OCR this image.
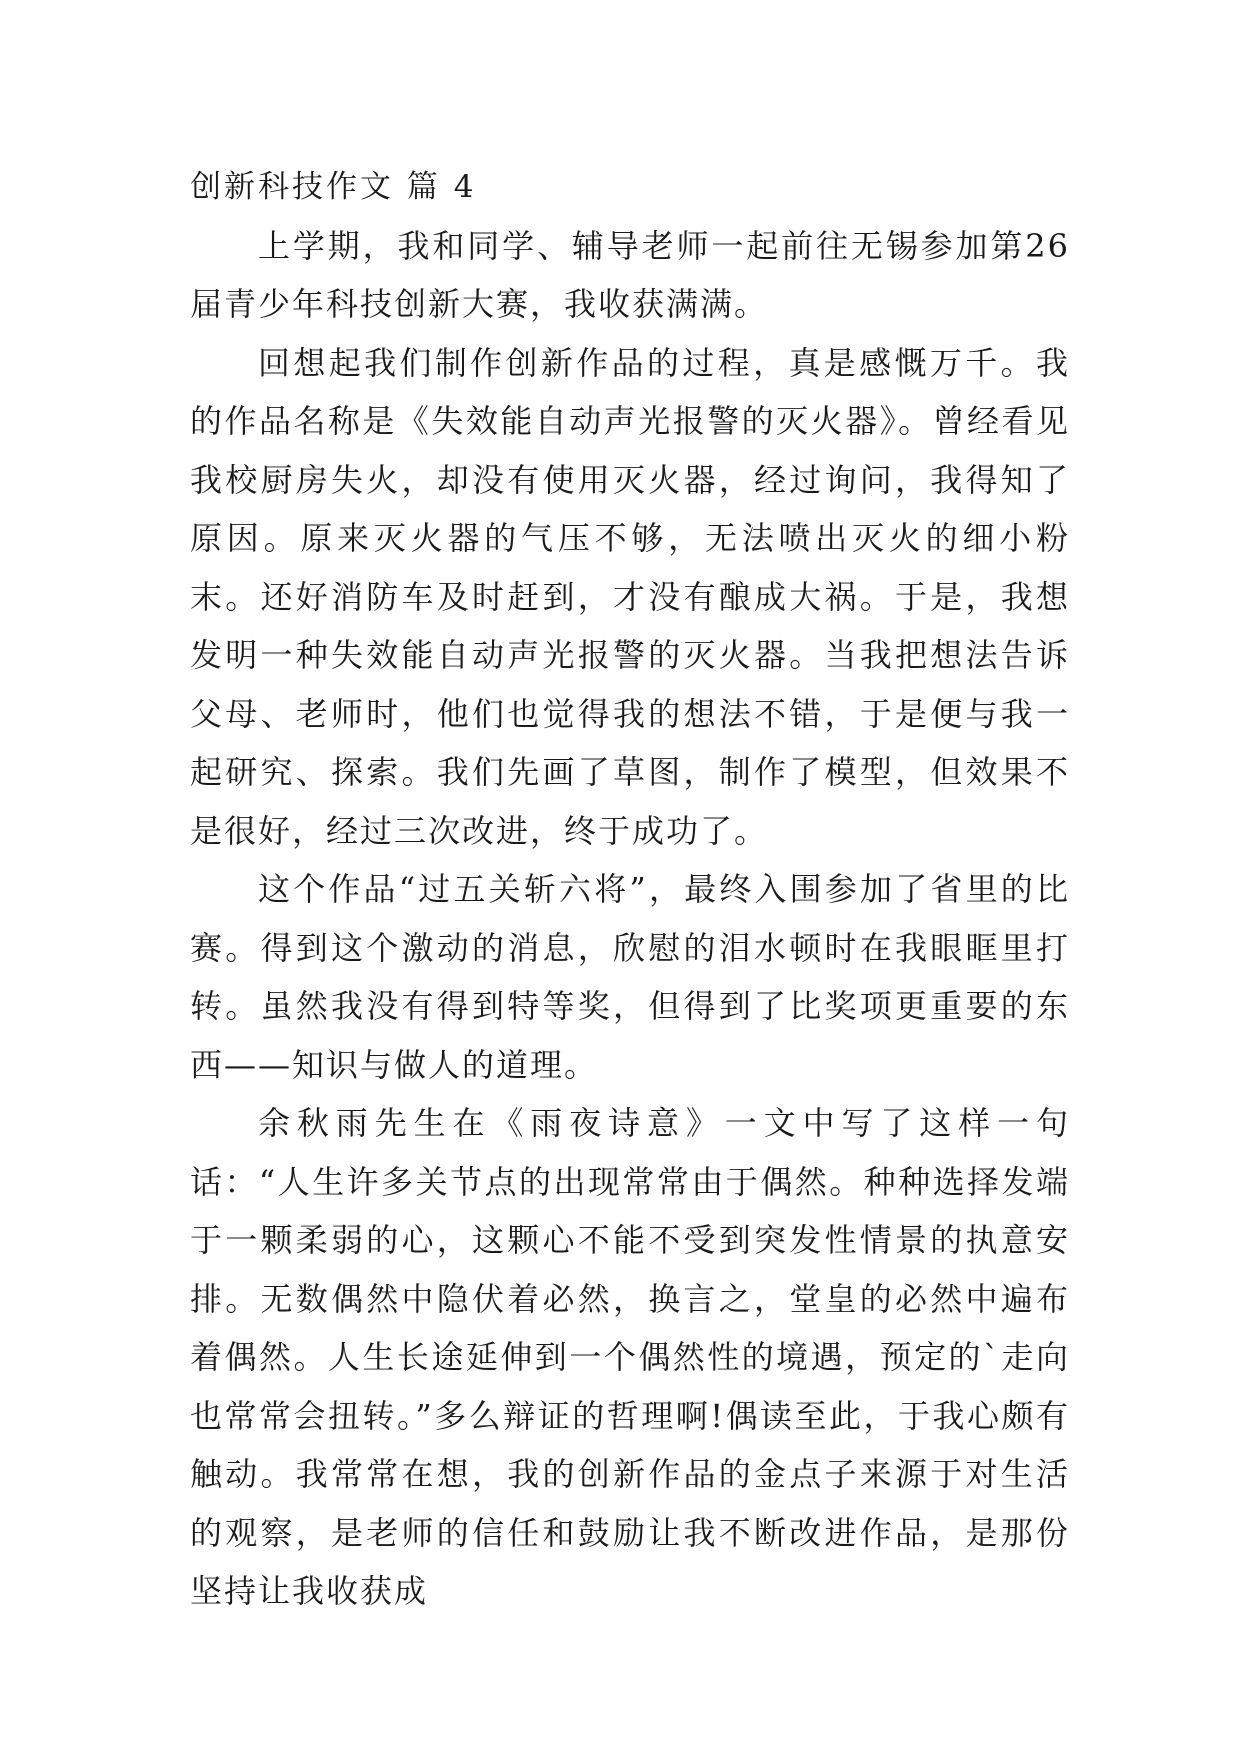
创新科技作文 篇 4

上学期，我和同学、辅导老师一起前往无锡参加第26届青少年科技创新大赛，我收获满满。

回想起我们制作创新作品的过程，真是感慨万千。我的作品名称是《失效能自动声光报警的灭火器》。曾经看见我校厨房失火，却没有使用灭火器，经过询问，我得知了原因。原来灭火器的气压不够，无法喷出灭火的细小粉末。还好消防车及时赶到，才没有酿成大祸。于是，我想发明一种失效能自动声光报警的灭火器。当我把想法告诉父母、老师时，他们也觉得我的想法不错，于是便与我一起研究、探索。我们先画了草图，制作了模型，但效果不是很好，经过三次改进，终于成功了。

这个作品“过五关斩六将”，最终入围参加了省里的比赛。得到这个激动的消息，欣慰的泪水顿时在我眼眶里打转。虽然我没有得到特等奖，但得到了比奖项更重要的东西——知识与做人的道理。

余秋雨先生在《雨夜诗意》一文中写了这样一句话：“人生许多关节点的出现常常由于偶然。种种选择发端于一颗柔弱的心，这颗心不能不受到突发性情景的执意安排。无数偶然中隐伏着必然，换言之，堂皇的必然中遍布着偶然。人生长途延伸到一个偶然性的境遇，预定的`走向也常常会扭转。”多么辩证的哲理啊!偶读至此，于我心颇有触动。我常常在想，我的创新作品的金点子来源于对生活的观察，是老师的信任和鼓励让我不断改进作品，是那份坚持让我收获成
